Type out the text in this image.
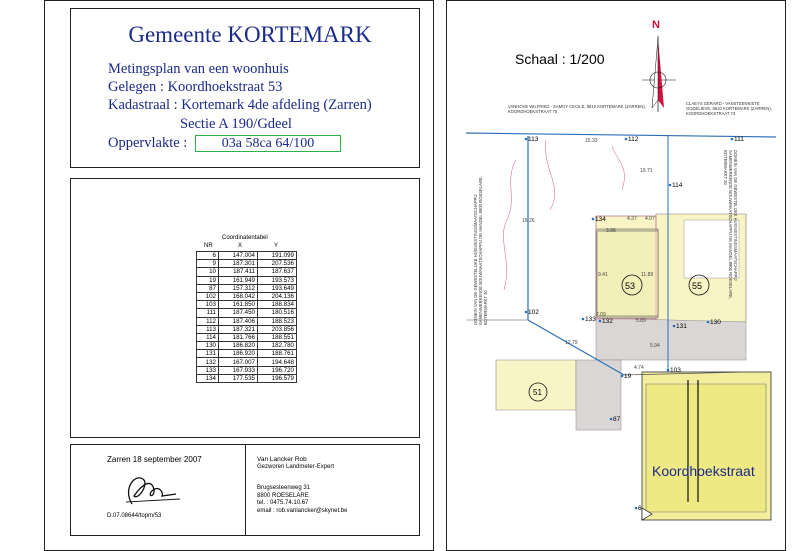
Gemeente KORTEMARK
Metingsplan van een woonhuis
Gelegen : Koordhoekstraat 53
Kadastraal : Kortemark 4de afdeling (Zarren)
Sectie A 190/Gdeel
Oppervlakte :	03a 58ca 64/100
Coordinatentabel
NR	X	Y
6	147.004	191.099
9	187.301	207.536
10	187.411	187.637
19	161.949	193.573
87	157.312	193.649
102	168.042	204.136
103	161.850	188.834
111	187.450	180.516
112	187.406	188.523
113	187.321	203.856
114	181.766	188.551
130	186.820	182.780
131	186.920	188.761
132	167.007	194.648
133	167.933	196.720
134	177.535	196.579
Zarren 18 september 2007
D.07.08644/topm/53
Van Lancker Rob
Gezworen Landmeter-Expert
Brugsesteenweg 31
8800 ROESELARE
tel. : 0475.74.10.67
email : rob.vanlancker@skynet.be
N
Schaal : 1/200
VANHOVE WILFRIED - SAMOY CECILE, 8610 KORTEMARK (ZARREN), KOORDHOEKSTRAAT 75
CLAEYS GERARD - VANSTEENKISTE GODELIEVE, 8610 KORTEMARK (ZARREN), KOORDHOEKSTRAAT 73
DOMEIN VAN DE GEWESTELIJKE HUISVESTINGSMAATSCHAPPIJ SAMENWERKENDE BOUWMAATSCHAPPIJ DE MANDEL 8800 ROESELARE, BOTERMARKT 30
DOMEIN VAN DE GEWESTELIJKE HUISVESTINGSMAATSCHAPPIJ SAMENWERKENDE BOUWMAATSCHAPPIJ DE MANDEL 8800 ROESELARE, BOTERMARKT 30
53	55
51
Koordhoekstraat
113	112	111
114
134
102
133 132
131
130
19
103
87
6
15.33
3.96
4.37 4.07
9.41	11.89
2.09
5.89
5.94
4.74
12.79
15.26
19.71
